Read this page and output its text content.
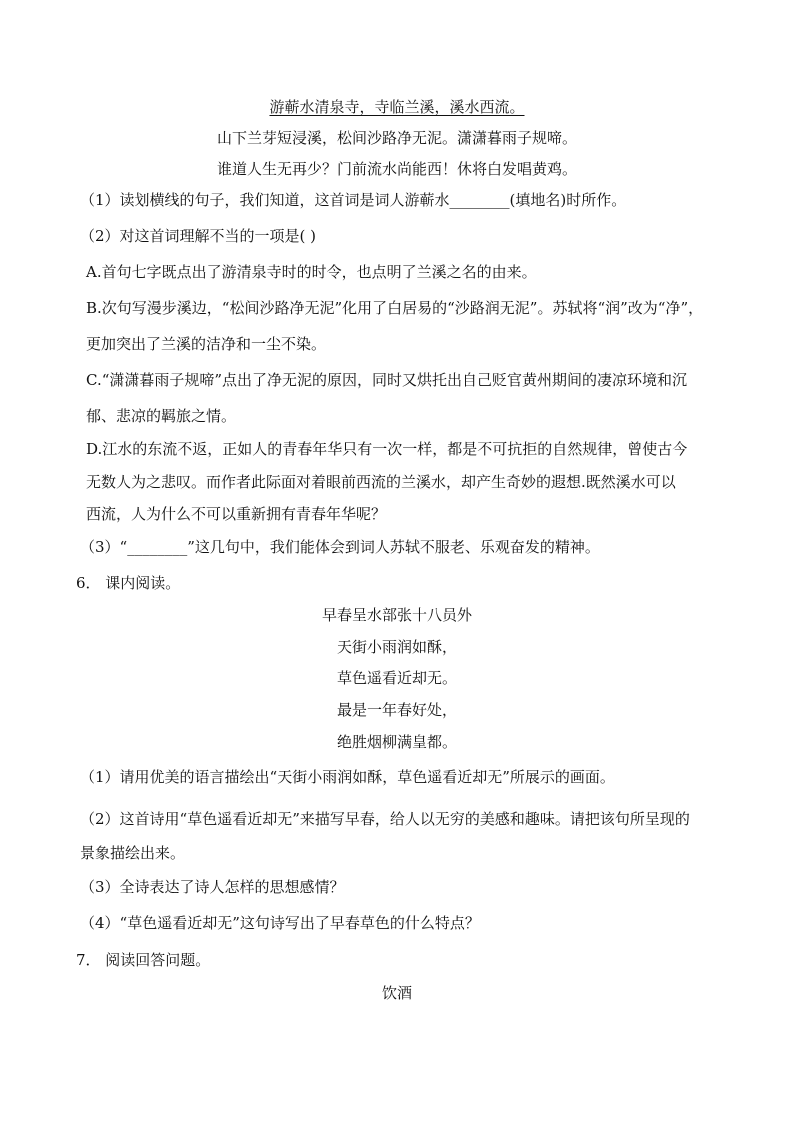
游蕲水清泉寺，寺临兰溪，溪水西流。
山下兰芽短浸溪，松间沙路净无泥。潇潇暮雨子规啼。
谁道人生无再少？门前流水尚能西！休将白发唱黄鸡。
（1）读划横线的句子，我们知道，这首词是词人游蕲水________(填地名)时所作。
（2）对这首词理解不当的一项是( )
A.首句七字既点出了游清泉寺时的时令，也点明了兰溪之名的由来。
B.次句写漫步溪边，“松间沙路净无泥”化用了白居易的“沙路润无泥”。苏轼将“润”改为“净”，
更加突出了兰溪的洁净和一尘不染。
C.“潇潇暮雨子规啼”点出了净无泥的原因，同时又烘托出自己贬官黄州期间的凄凉环境和沉
郁、悲凉的羁旅之情。
D.江水的东流不返，正如人的青春年华只有一次一样，都是不可抗拒的自然规律，曾使古今
无数人为之悲叹。而作者此际面对着眼前西流的兰溪水，却产生奇妙的遐想.既然溪水可以
西流，人为什么不可以重新拥有青春年华呢？
（3）“________”这几句中，我们能体会到词人苏轼不服老、乐观奋发的精神。
6． 课内阅读。
早春呈水部张十八员外
天街小雨润如酥，
草色遥看近却无。
最是一年春好处，
绝胜烟柳满皇都。
（1）请用优美的语言描绘出“天街小雨润如酥，草色遥看近却无”所展示的画面。
（2）这首诗用“草色遥看近却无”来描写早春，给人以无穷的美感和趣味。请把该句所呈现的
景象描绘出来。
（3）全诗表达了诗人怎样的思想感情？
（4）“草色遥看近却无”这句诗写出了早春草色的什么特点？
7． 阅读回答问题。
饮酒
